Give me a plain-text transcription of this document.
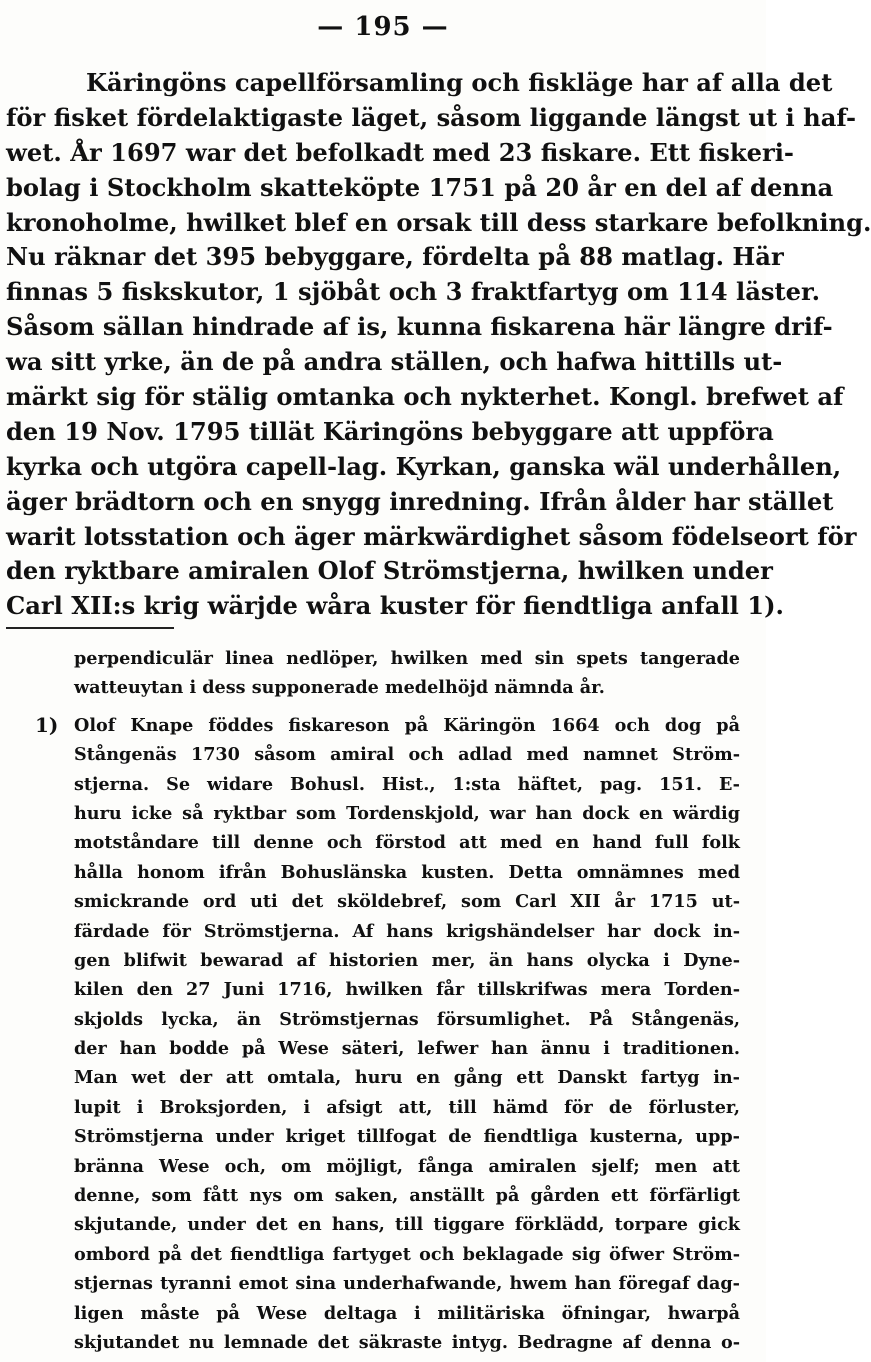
— 195 —
Käringöns capellförsamling och fiskläge har af alla det
för fisket fördelaktigaste läget, såsom liggande längst ut i haf-
wet. År 1697 war det befolkadt med 23 fiskare. Ett fiskeri-
bolag i Stockholm skatteköpte 1751 på 20 år en del af denna
kronoholme, hwilket blef en orsak till dess starkare befolkning.
Nu räknar det 395 bebyggare, fördelta på 88 matlag. Här
finnas 5 fiskskutor, 1 sjöbåt och 3 fraktfartyg om 114 läster.
Såsom sällan hindrade af is, kunna fiskarena här längre drif-
wa sitt yrke, än de på andra ställen, och hafwa hittills ut-
märkt sig för stälig omtanka och nykterhet. Kongl. brefwet af
den 19 Nov. 1795 tillät Käringöns bebyggare att uppföra
kyrka och utgöra capell-lag. Kyrkan, ganska wäl underhållen,
äger brädtorn och en snygg inredning. Ifrån ålder har stället
warit lotsstation och äger märkwärdighet såsom födelseort för
den ryktbare amiralen Olof Strömstjerna, hwilken under
Carl XII:s krig wärjde wåra kuster för fiendtliga anfall 1).
perpendiculär linea nedlöper, hwilken med sin spets tangerade
watteuytan i dess supponerade medelhöjd nämnda år.
1) Olof Knape föddes fiskareson på Käringön 1664 och dog på
Stångenäs 1730 såsom amiral och adlad med namnet Ström-
stjerna. Se widare Bohusl. Hist., 1:sta häftet, pag. 151. E-
huru icke så ryktbar som Tordenskjold, war han dock en wärdig
motståndare till denne och förstod att med en hand full folk
hålla honom ifrån Bohuslänska kusten. Detta omnämnes med
smickrande ord uti det sköldebref, som Carl XII år 1715 ut-
färdade för Strömstjerna. Af hans krigshändelser har dock in-
gen blifwit bewarad af historien mer, än hans olycka i Dyne-
kilen den 27 Juni 1716, hwilken får tillskrifwas mera Torden-
skjolds lycka, än Strömstjernas försumlighet. På Stångenäs,
der han bodde på Wese säteri, lefwer han ännu i traditionen.
Man wet der att omtala, huru en gång ett Danskt fartyg in-
lupit i Broksjorden, i afsigt att, till hämd för de förluster,
Strömstjerna under kriget tillfogat de fiendtliga kusterna, upp-
bränna Wese och, om möjligt, fånga amiralen sjelf; men att
denne, som fått nys om saken, anställt på gården ett förfärligt
skjutande, under det en hans, till tiggare förklädd, torpare gick
ombord på det fiendtliga fartyget och beklagade sig öfwer Ström-
stjernas tyranni emot sina underhafwande, hwem han föregaf dag-
ligen måste på Wese deltaga i militäriska öfningar, hwarpå
skjutandet nu lemnade det säkraste intyg. Bedragne af denna o-
